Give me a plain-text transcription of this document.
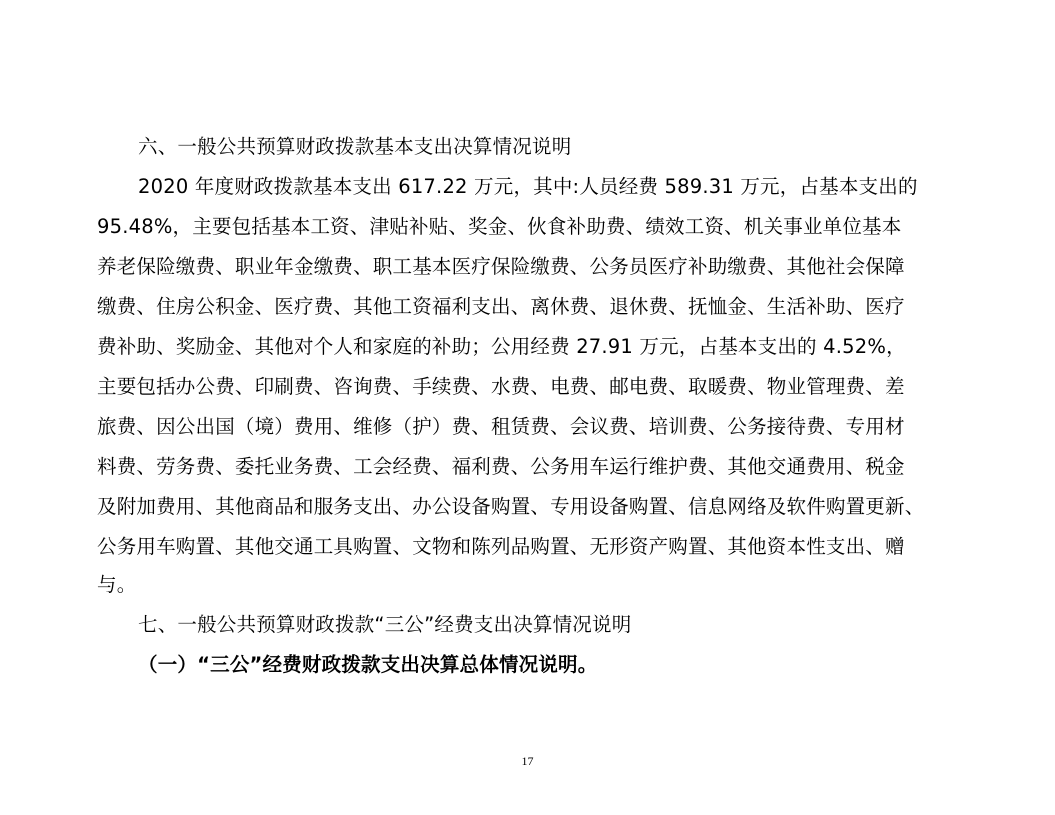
六、一般公共预算财政拨款基本支出决算情况说明
2020 年度财政拨款基本支出 617.22 万元，其中:人员经费 589.31 万元，占基本支出的
95.48%，主要包括基本工资、津贴补贴、奖金、伙食补助费、绩效工资、机关事业单位基本
养老保险缴费、职业年金缴费、职工基本医疗保险缴费、公务员医疗补助缴费、其他社会保障
缴费、住房公积金、医疗费、其他工资福利支出、离休费、退休费、抚恤金、生活补助、医疗
费补助、奖励金、其他对个人和家庭的补助；公用经费 27.91 万元，占基本支出的 4.52%，
主要包括办公费、印刷费、咨询费、手续费、水费、电费、邮电费、取暖费、物业管理费、差
旅费、因公出国（境）费用、维修（护）费、租赁费、会议费、培训费、公务接待费、专用材
料费、劳务费、委托业务费、工会经费、福利费、公务用车运行维护费、其他交通费用、税金
及附加费用、其他商品和服务支出、办公设备购置、专用设备购置、信息网络及软件购置更新、
公务用车购置、其他交通工具购置、文物和陈列品购置、无形资产购置、其他资本性支出、赠
与。
七、一般公共预算财政拨款“三公”经费支出决算情况说明
（一）“三公”经费财政拨款支出决算总体情况说明。
17
